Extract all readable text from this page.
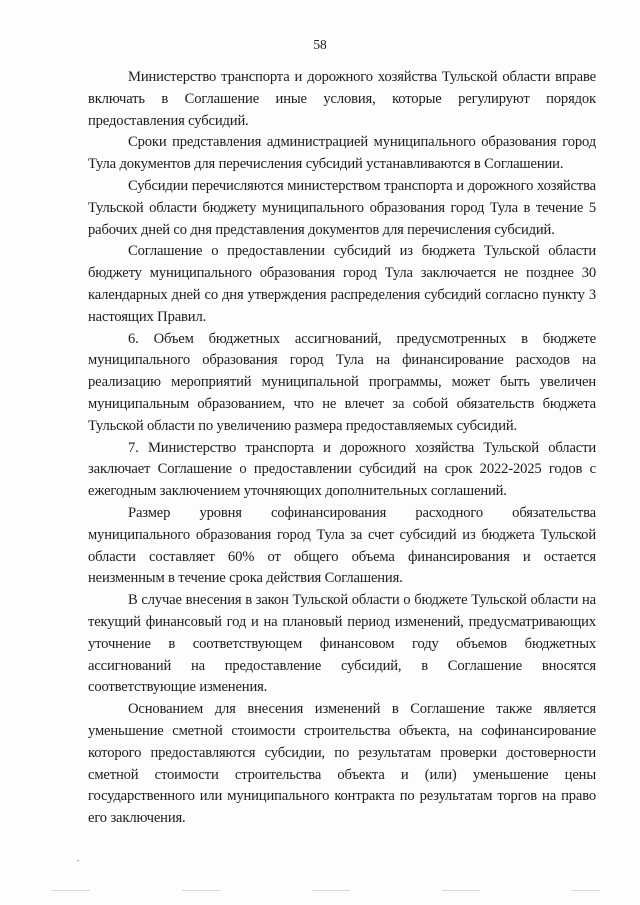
58

Министерство транспорта и дорожного хозяйства Тульской области вправе включать в Соглашение иные условия, которые регулируют порядок предоставления субсидий.

Сроки представления администрацией муниципального образования город Тула документов для перечисления субсидий устанавливаются в Соглашении.

Субсидии перечисляются министерством транспорта и дорожного хозяйства Тульской области бюджету муниципального образования город Тула в течение 5 рабочих дней со дня представления документов для перечисления субсидий.

Соглашение о предоставлении субсидий из бюджета Тульской области бюджету муниципального образования город Тула заключается не позднее 30 календарных дней со дня утверждения распределения субсидий согласно пункту 3 настоящих Правил.

6. Объем бюджетных ассигнований, предусмотренных в бюджете муниципального образования город Тула на финансирование расходов на реализацию мероприятий муниципальной программы, может быть увеличен муниципальным образованием, что не влечет за собой обязательств бюджета Тульской области по увеличению размера предоставляемых субсидий.

7. Министерство транспорта и дорожного хозяйства Тульской области заключает Соглашение о предоставлении субсидий на срок 2022-2025 годов с ежегодным заключением уточняющих дополнительных соглашений.

Размер уровня софинансирования расходного обязательства муниципального образования город Тула за счет субсидий из бюджета Тульской области составляет 60% от общего объема финансирования и остается неизменным в течение срока действия Соглашения.

В случае внесения в закон Тульской области о бюджете Тульской области на текущий финансовый год и на плановый период изменений, предусматривающих уточнение в соответствующем финансовом году объемов бюджетных ассигнований на предоставление субсидий, в Соглашение вносятся соответствующие изменения.

Основанием для внесения изменений в Соглашение также является уменьшение сметной стоимости строительства объекта, на софинансирование которого предоставляются субсидии, по результатам проверки достоверности сметной стоимости строительства объекта и (или) уменьшение цены государственного или муниципального контракта по результатам торгов на право его заключения.
